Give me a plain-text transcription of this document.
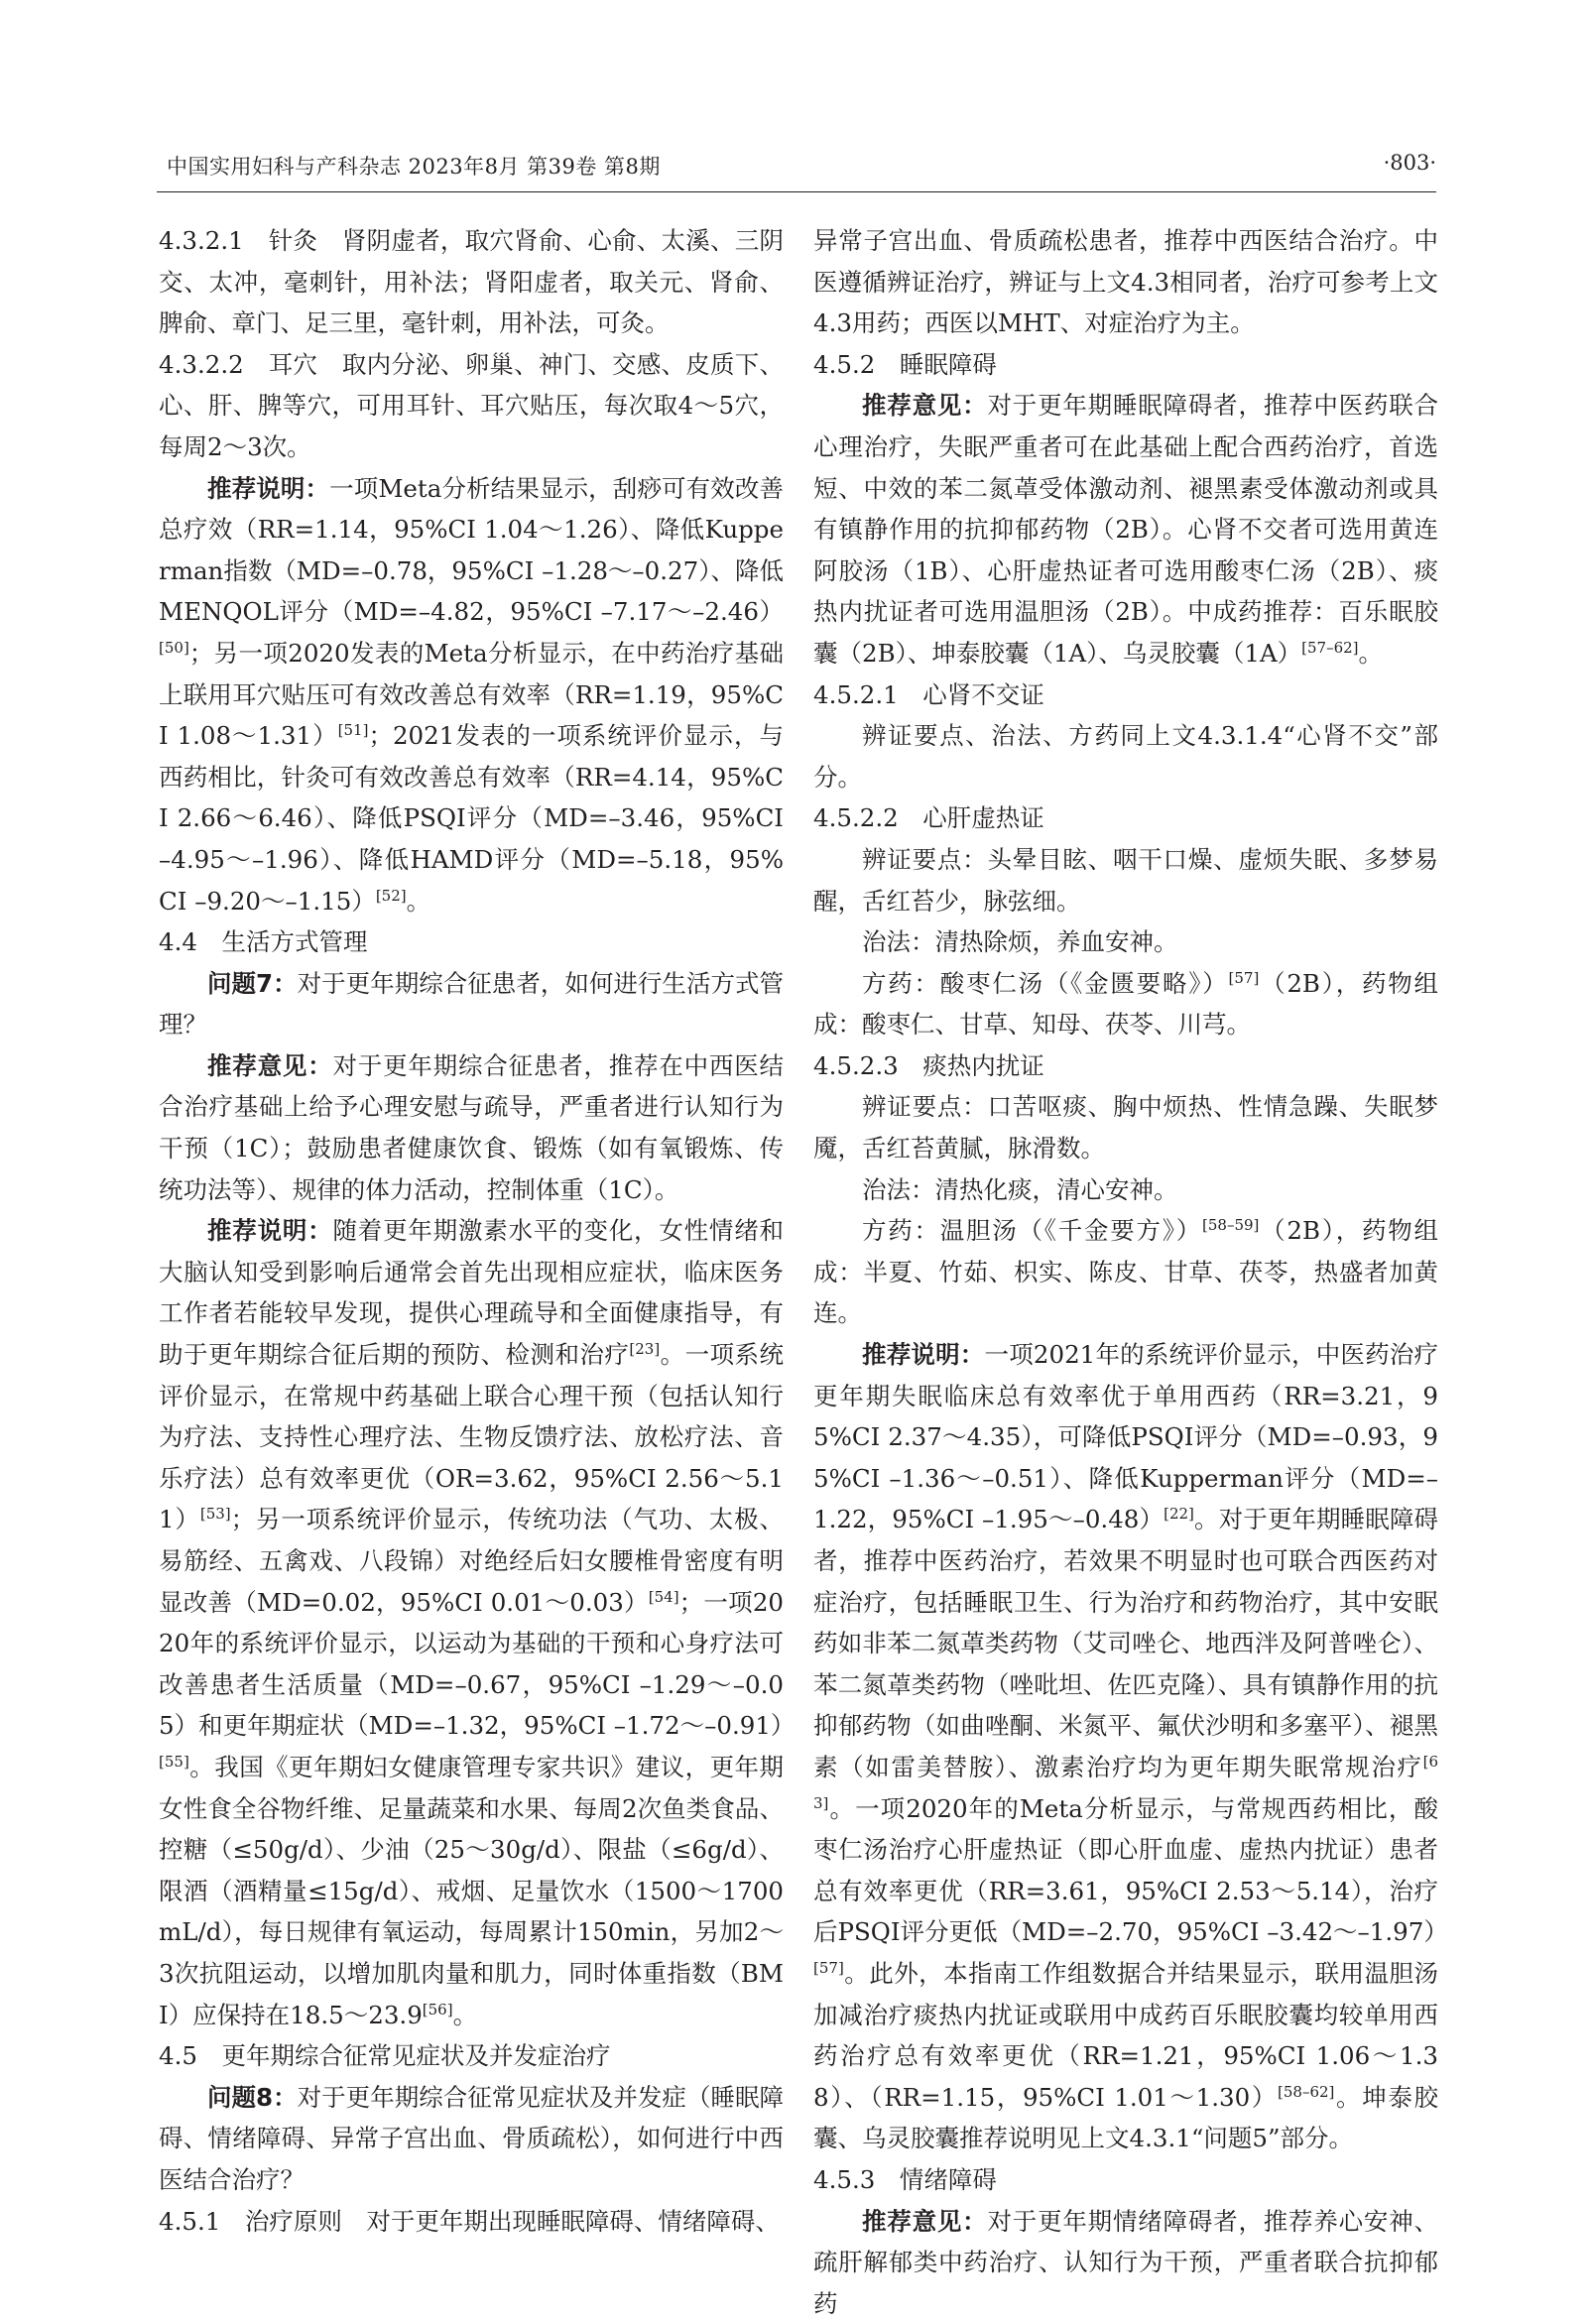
中国实用妇科与产科杂志 2023年8月 第39卷 第8期	·803·

4.3.2.1　针灸　肾阴虚者，取穴肾俞、心俞、太溪、三阴交、太冲，毫刺针，用补法；肾阳虚者，取关元、肾俞、脾俞、章门、足三里，毫针刺，用补法，可灸。

4.3.2.2　耳穴　取内分泌、卵巢、神门、交感、皮质下、心、肝、脾等穴，可用耳针、耳穴贴压，每次取4～5穴，每周2～3次。

推荐说明：一项Meta分析结果显示，刮痧可有效改善总疗效（RR=1.14，95%CI 1.04～1.26）、降低Kupperman指数（MD=–0.78，95%CI –1.28～–0.27）、降低MENQOL评分（MD=–4.82，95%CI –7.17～–2.46）[50]；另一项2020发表的Meta分析显示，在中药治疗基础上联用耳穴贴压可有效改善总有效率（RR=1.19，95%CI 1.08～1.31）[51]；2021发表的一项系统评价显示，与西药相比，针灸可有效改善总有效率（RR=4.14，95%CI 2.66～6.46）、降低PSQI评分（MD=–3.46，95%CI –4.95～–1.96）、降低HAMD评分（MD=–5.18，95%CI –9.20～–1.15）[52]。

4.4　生活方式管理

问题7：对于更年期综合征患者，如何进行生活方式管理？

推荐意见：对于更年期综合征患者，推荐在中西医结合治疗基础上给予心理安慰与疏导，严重者进行认知行为干预（1C）；鼓励患者健康饮食、锻炼（如有氧锻炼、传统功法等）、规律的体力活动，控制体重（1C）。

推荐说明：随着更年期激素水平的变化，女性情绪和大脑认知受到影响后通常会首先出现相应症状，临床医务工作者若能较早发现，提供心理疏导和全面健康指导，有助于更年期综合征后期的预防、检测和治疗[23]。一项系统评价显示，在常规中药基础上联合心理干预（包括认知行为疗法、支持性心理疗法、生物反馈疗法、放松疗法、音乐疗法）总有效率更优（OR=3.62，95%CI 2.56～5.11）[53]；另一项系统评价显示，传统功法（气功、太极、易筋经、五禽戏、八段锦）对绝经后妇女腰椎骨密度有明显改善（MD=0.02，95%CI 0.01～0.03）[54]；一项2020年的系统评价显示，以运动为基础的干预和心身疗法可改善患者生活质量（MD=–0.67，95%CI –1.29～–0.05）和更年期症状（MD=–1.32，95%CI –1.72～–0.91）[55]。我国《更年期妇女健康管理专家共识》建议，更年期女性食全谷物纤维、足量蔬菜和水果、每周2次鱼类食品、控糖（≤50g/d）、少油（25～30g/d）、限盐（≤6g/d）、限酒（酒精量≤15g/d）、戒烟、足量饮水（1500～1700mL/d），每日规律有氧运动，每周累计150min，另加2～3次抗阻运动，以增加肌肉量和肌力，同时体重指数（BMI）应保持在18.5～23.9[56]。

4.5　更年期综合征常见症状及并发症治疗

问题8：对于更年期综合征常见症状及并发症（睡眠障碍、情绪障碍、异常子宫出血、骨质疏松），如何进行中西医结合治疗？

4.5.1　治疗原则　对于更年期出现睡眠障碍、情绪障碍、

异常子宫出血、骨质疏松患者，推荐中西医结合治疗。中医遵循辨证治疗，辨证与上文4.3相同者，治疗可参考上文4.3用药；西医以MHT、对症治疗为主。

4.5.2　睡眠障碍

推荐意见：对于更年期睡眠障碍者，推荐中医药联合心理治疗，失眠严重者可在此基础上配合西药治疗，首选短、中效的苯二氮䓬受体激动剂、褪黑素受体激动剂或具有镇静作用的抗抑郁药物（2B）。心肾不交者可选用黄连阿胶汤（1B）、心肝虚热证者可选用酸枣仁汤（2B）、痰热内扰证者可选用温胆汤（2B）。中成药推荐：百乐眠胶囊（2B）、坤泰胶囊（1A）、乌灵胶囊（1A）[57–62]。

4.5.2.1　心肾不交证

辨证要点、治法、方药同上文4.3.1.4“心肾不交”部分。

4.5.2.2　心肝虚热证

辨证要点：头晕目眩、咽干口燥、虚烦失眠、多梦易醒，舌红苔少，脉弦细。

治法：清热除烦，养血安神。

方药：酸枣仁汤（《金匮要略》）[57]（2B），药物组成：酸枣仁、甘草、知母、茯苓、川芎。

4.5.2.3　痰热内扰证

辨证要点：口苦呕痰、胸中烦热、性情急躁、失眠梦魇，舌红苔黄腻，脉滑数。

治法：清热化痰，清心安神。

方药：温胆汤（《千金要方》）[58–59]（2B），药物组成：半夏、竹茹、枳实、陈皮、甘草、茯苓，热盛者加黄连。

推荐说明：一项2021年的系统评价显示，中医药治疗更年期失眠临床总有效率优于单用西药（RR=3.21，95%CI 2.37～4.35），可降低PSQI评分（MD=–0.93，95%CI –1.36～–0.51）、降低Kupperman评分（MD=–1.22，95%CI –1.95～–0.48）[22]。对于更年期睡眠障碍者，推荐中医药治疗，若效果不明显时也可联合西医药对症治疗，包括睡眠卫生、行为治疗和药物治疗，其中安眠药如非苯二氮䓬类药物（艾司唑仑、地西泮及阿普唑仑）、苯二氮䓬类药物（唑吡坦、佐匹克隆）、具有镇静作用的抗抑郁药物（如曲唑酮、米氮平、氟伏沙明和多塞平）、褪黑素（如雷美替胺）、激素治疗均为更年期失眠常规治疗[63]。一项2020年的Meta分析显示，与常规西药相比，酸枣仁汤治疗心肝虚热证（即心肝血虚、虚热内扰证）患者总有效率更优（RR=3.61，95%CI 2.53～5.14），治疗后PSQI评分更低（MD=–2.70，95%CI –3.42～–1.97）[57]。此外，本指南工作组数据合并结果显示，联用温胆汤加减治疗痰热内扰证或联用中成药百乐眠胶囊均较单用西药治疗总有效率更优（RR=1.21，95%CI 1.06～1.38）、（RR=1.15，95%CI 1.01～1.30）[58–62]。坤泰胶囊、乌灵胶囊推荐说明见上文4.3.1“问题5”部分。

4.5.3　情绪障碍

推荐意见：对于更年期情绪障碍者，推荐养心安神、疏肝解郁类中药治疗、认知行为干预，严重者联合抗抑郁药
